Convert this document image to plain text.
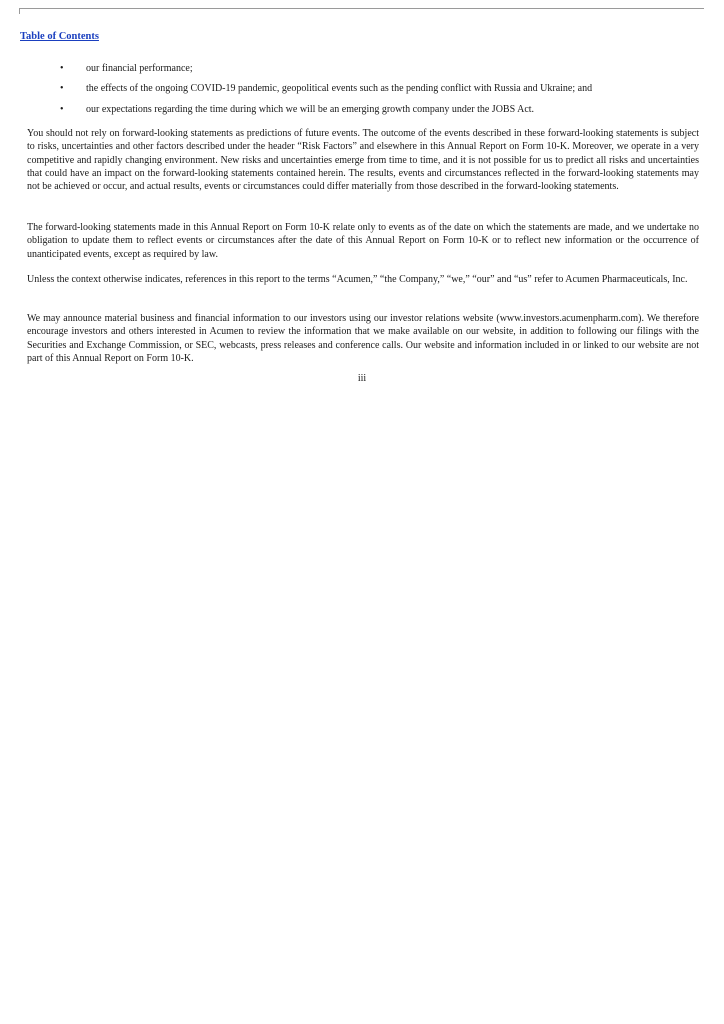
Table of Contents
• our financial performance;
• the effects of the ongoing COVID-19 pandemic, geopolitical events such as the pending conflict with Russia and Ukraine; and
• our expectations regarding the time during which we will be an emerging growth company under the JOBS Act.

You should not rely on forward-looking statements as predictions of future events. The outcome of the events described in these forward-looking statements is subject to risks, uncertainties and other factors described under the header “Risk Factors” and elsewhere in this Annual Report on Form 10-K. Moreover, we operate in a very competitive and rapidly changing environment. New risks and uncertainties emerge from time to time, and it is not possible for us to predict all risks and uncertainties that could have an impact on the forward-looking statements contained herein. The results, events and circumstances reflected in the forward-looking statements may not be achieved or occur, and actual results, events or circumstances could differ materially from those described in the forward-looking statements.

The forward-looking statements made in this Annual Report on Form 10-K relate only to events as of the date on which the statements are made, and we undertake no obligation to update them to reflect events or circumstances after the date of this Annual Report on Form 10-K or to reflect new information or the occurrence of unanticipated events, except as required by law.

Unless the context otherwise indicates, references in this report to the terms “Acumen,” “the Company,” “we,” “our” and “us” refer to Acumen Pharmaceuticals, Inc.

We may announce material business and financial information to our investors using our investor relations website (www.investors.acumenpharm.com). We therefore encourage investors and others interested in Acumen to review the information that we make available on our website, in addition to following our filings with the Securities and Exchange Commission, or SEC, webcasts, press releases and conference calls. Our website and information included in or linked to our website are not part of this Annual Report on Form 10-K.

iii
